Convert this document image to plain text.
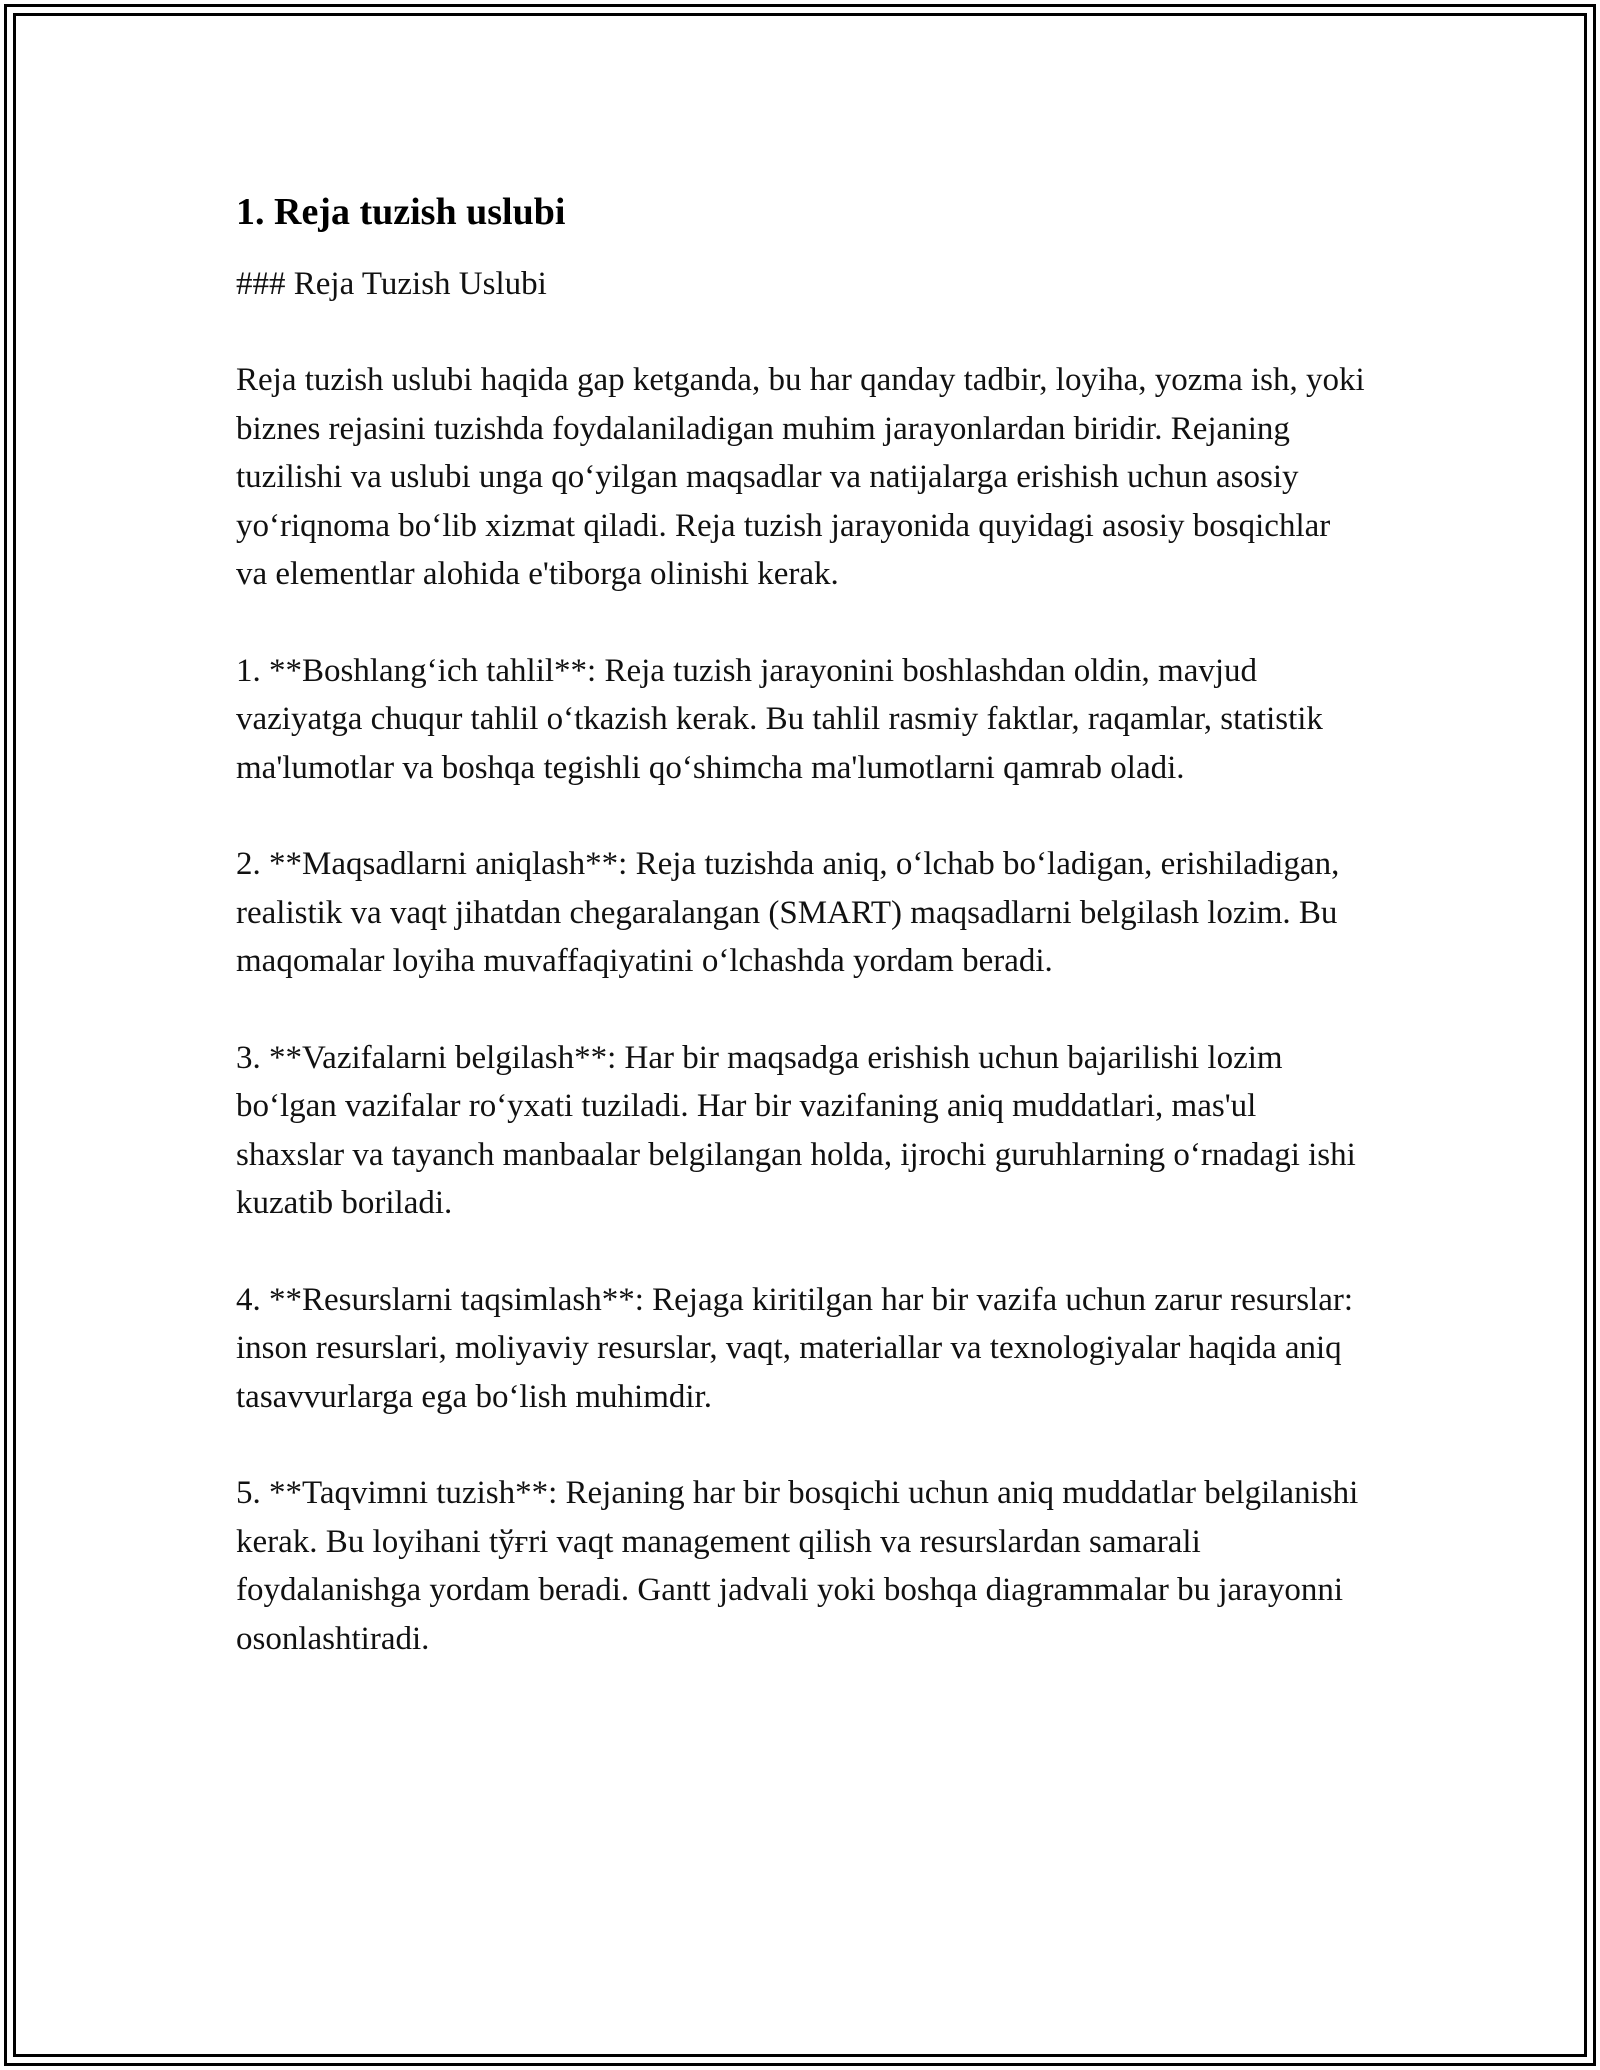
1. Reja tuzish uslubi

### Reja Tuzish Uslubi

Reja tuzish uslubi haqida gap ketganda, bu har qanday tadbir, loyiha, yozma ish, yoki biznes rejasini tuzishda foydalaniladigan muhim jarayonlardan biridir. Rejaning tuzilishi va uslubi unga qo‘yilgan maqsadlar va natijalarga erishish uchun asosiy yo‘riqnoma bo‘lib xizmat qiladi. Reja tuzish jarayonida quyidagi asosiy bosqichlar va elementlar alohida e'tiborga olinishi kerak.

1. **Boshlang‘ich tahlil**: Reja tuzish jarayonini boshlashdan oldin, mavjud vaziyatga chuqur tahlil o‘tkazish kerak. Bu tahlil rasmiy faktlar, raqamlar, statistik ma'lumotlar va boshqa tegishli qo‘shimcha ma'lumotlarni qamrab oladi.

2. **Maqsadlarni aniqlash**: Reja tuzishda aniq, o‘lchab bo‘ladigan, erishiladigan, realistik va vaqt jihatdan chegaralangan (SMART) maqsadlarni belgilash lozim. Bu maqomalar loyiha muvaffaqiyatini o‘lchashda yordam beradi.

3. **Vazifalarni belgilash**: Har bir maqsadga erishish uchun bajarilishi lozim bo‘lgan vazifalar ro‘yxati tuziladi. Har bir vazifaning aniq muddatlari, mas'ul shaxslar va tayanch manbaalar belgilangan holda, ijrochi guruhlarning o‘rnadagi ishi kuzatib boriladi.

4. **Resurslarni taqsimlash**: Rejaga kiritilgan har bir vazifa uchun zarur resurslar: inson resurslari, moliyaviy resurslar, vaqt, materiallar va texnologiyalar haqida aniq tasavvurlarga ega bo‘lish muhimdir.

5. **Taqvimni tuzish**: Rejaning har bir bosqichi uchun aniq muddatlar belgilanishi kerak. Bu loyihani tўғri vaqt management qilish va resurslardan samarali foydalanishga yordam beradi. Gantt jadvali yoki boshqa diagrammalar bu jarayonni osonlashtiradi.
